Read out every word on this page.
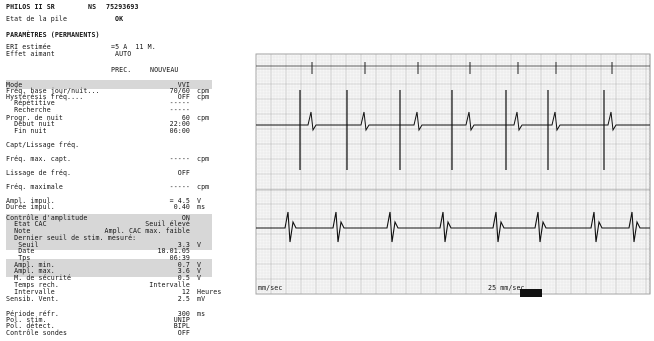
PHILOS II SR	NS 75293693
Etat de la pile	OK
PARAMÈTRES (PERMANENTS)
ERI estimée	=5 A  11 M.
Effet aimant	AUTO
PREC.	NOUVEAU
Mode	VVI
Fréq. base jour/nuit...	70/60 cpm
Hystérésis fréq....	OFF cpm
Répétitive	-----
Recherche	-----
Progr. de nuit	60 cpm
Début nuit	22:00
Fin nuit	06:00
Fréq. max. capt.	----- cpm
Lissage de fréq.	OFF
Fréq. maximale	----- cpm
Ampl. impul.	= 4.5 V
Durée impul.	0.40 ms
Contrôle d'amplitude	ON
Etat CAC	Seuil élevé
Note	Ampl. CAC max. faible
Dernier seuil de stim. mesuré:
Seuil	3.3 V
Date	18.01.05
Tps	06:39
Ampl. min.	0.7 V
Ampl. max.	3.6 V
M. de sécurité	0.5 V
Temps rech.	Intervalle
Intervalle	12 Heures
Sensib. Vent.	2.5 mV
Période réfr.	300 ms
Pol. stim.	UNIP
Pol. détect.	BIPL
Contrôle sondes	OFF
Capt/Lissage fréq.
mm/sec	25 mm/sec
